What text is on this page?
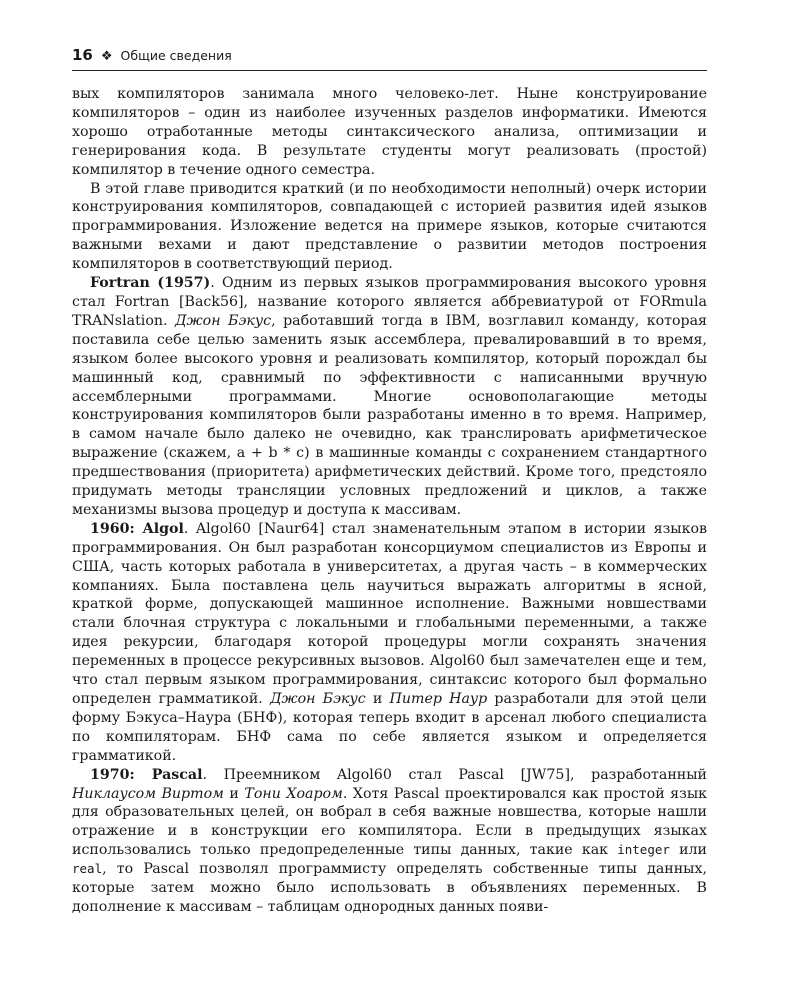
16 ❖ Общие сведения

вых компиляторов занимала много человеко-лет. Ныне конструирование компиляторов – один из наиболее изученных разделов информатики. Имеются хорошо отработанные методы синтаксического анализа, оптимизации и генерирования кода. В результате студенты могут реализовать (простой) компилятор в течение одного семестра.

В этой главе приводится краткий (и по необходимости неполный) очерк истории конструирования компиляторов, совпадающей с историей развития идей языков программирования. Изложение ведется на примере языков, которые считаются важными вехами и дают представление о развитии методов построения компиляторов в соответствующий период.

Fortran (1957). Одним из первых языков программирования высокого уровня стал Fortran [Back56], название которого является аббревиатурой от FORmula TRANslation. Джон Бэкус, работавший тогда в IBM, возглавил команду, которая поставила себе целью заменить язык ассемблера, превалировавший в то время, языком более высокого уровня и реализовать компилятор, который порождал бы машинный код, сравнимый по эффективности с написанными вручную ассемблерными программами. Многие основополагающие методы конструирования компиляторов были разработаны именно в то время. Например, в самом начале было далеко не очевидно, как транслировать арифметическое выражение (скажем, a + b * c) в машинные команды с сохранением стандартного предшествования (приоритета) арифметических действий. Кроме того, предстояло придумать методы трансляции условных предложений и циклов, а также механизмы вызова процедур и доступа к массивам.

1960: Algol. Algol60 [Naur64] стал знаменательным этапом в истории языков программирования. Он был разработан консорциумом специалистов из Европы и США, часть которых работала в университетах, а другая часть – в коммерческих компаниях. Была поставлена цель научиться выражать алгоритмы в ясной, краткой форме, допускающей машинное исполнение. Важными новшествами стали блочная структура с локальными и глобальными переменными, а также идея рекурсии, благодаря которой процедуры могли сохранять значения переменных в процессе рекурсивных вызовов. Algol60 был замечателен еще и тем, что стал первым языком программирования, синтаксис которого был формально определен грамматикой. Джон Бэкус и Питер Наур разработали для этой цели форму Бэкуса–Наура (БНФ), которая теперь входит в арсенал любого специалиста по компиляторам. БНФ сама по себе является языком и определяется грамматикой.

1970: Pascal. Преемником Algol60 стал Pascal [JW75], разработанный Никлаусом Виртом и Тони Хоаром. Хотя Pascal проектировался как простой язык для образовательных целей, он вобрал в себя важные новшества, которые нашли отражение и в конструкции его компилятора. Если в предыдущих языках использовались только предопределенные типы данных, такие как integer или real, то Pascal позволял программисту определять собственные типы данных, которые затем можно было использовать в объявлениях переменных. В дополнение к массивам – таблицам однородных данных появи-
